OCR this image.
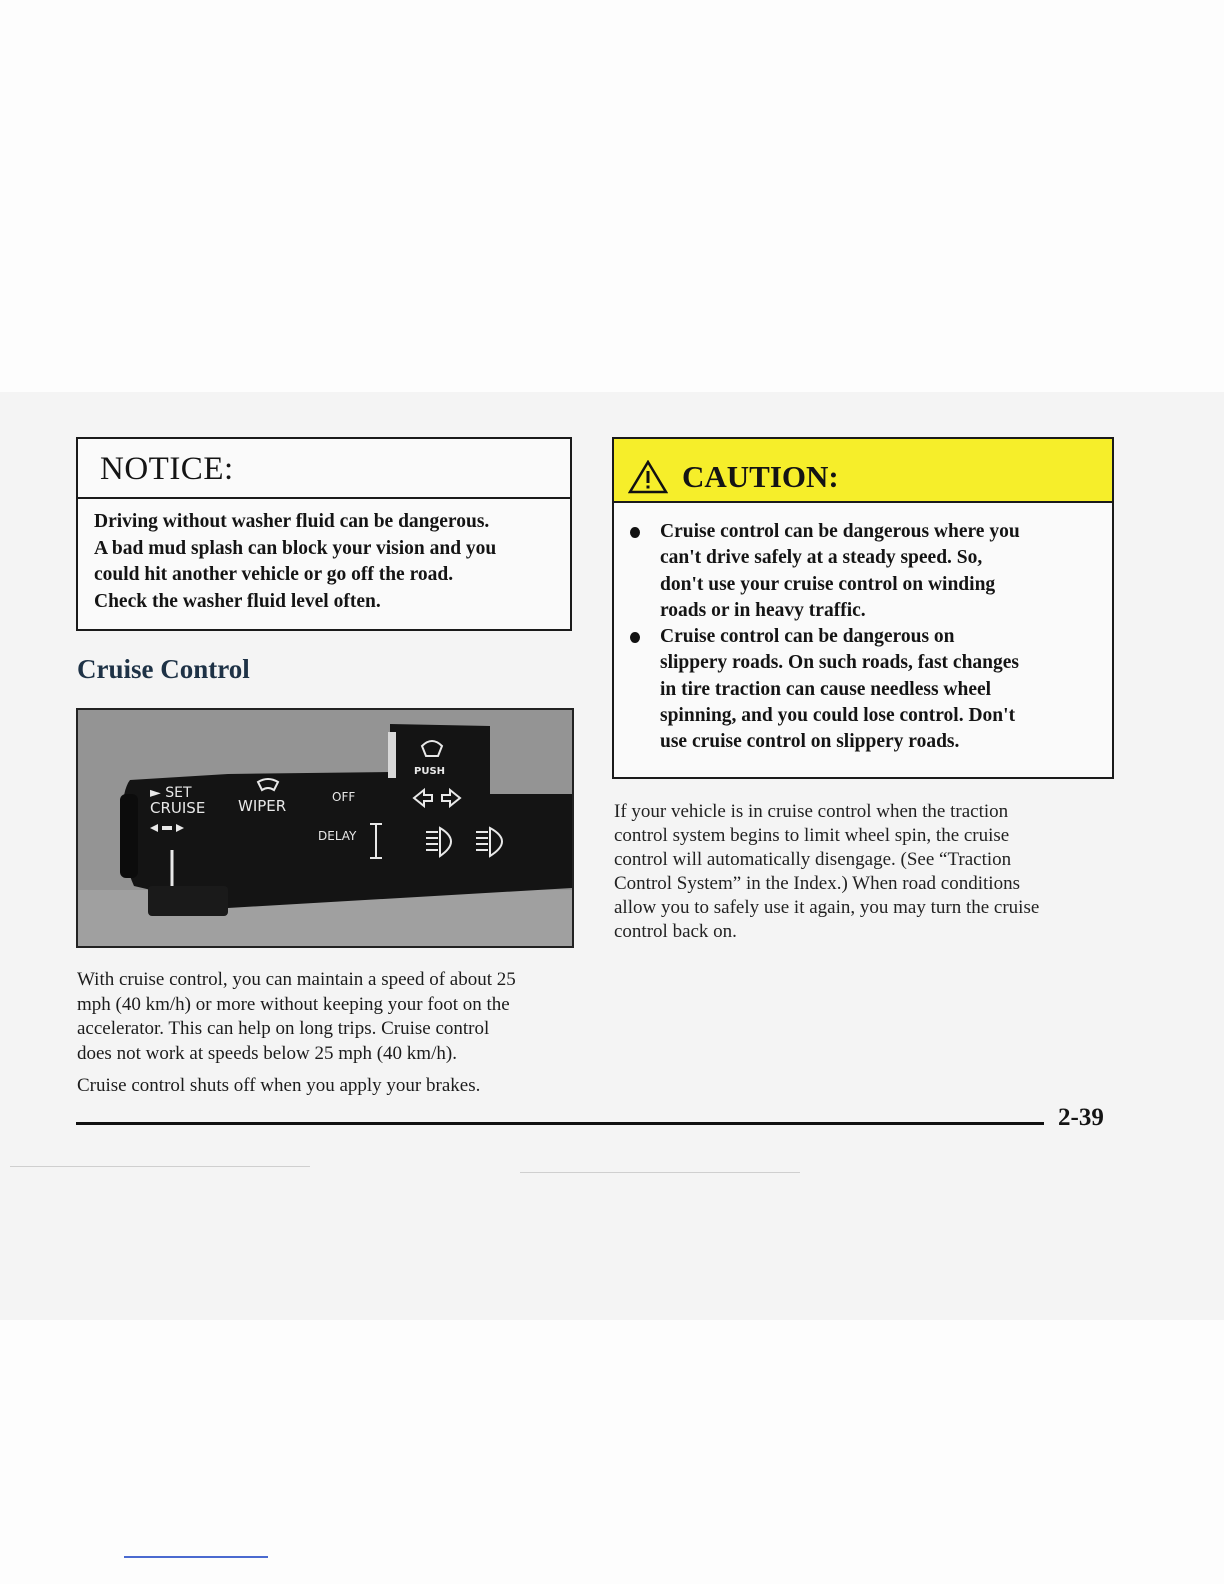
NOTICE:
Driving without washer fluid can be dangerous.
A bad mud splash can block your vision and you
could hit another vehicle or go off the road.
Check the washer fluid level often.
Cruise Control
► SET
CRUISE WIPER	OFF
PUSH
DELAY
With cruise control, you can maintain a speed of about 25
mph (40 km/h) or more without keeping your foot on the
accelerator. This can help on long trips. Cruise control
does not work at speeds below 25 mph (40 km/h).
Cruise control shuts off when you apply your brakes.
CAUTION:
Cruise control can be dangerous where you
can't drive safely at a steady speed. So,
don't use your cruise control on winding
roads or in heavy traffic.
Cruise control can be dangerous on
slippery roads. On such roads, fast changes
in tire traction can cause needless wheel
spinning, and you could lose control. Don't
use cruise control on slippery roads.
If your vehicle is in cruise control when the traction
control system begins to limit wheel spin, the cruise
control will automatically disengage. (See “Traction
Control System” in the Index.) When road conditions
allow you to safely use it again, you may turn the cruise
control back on.
2-39
